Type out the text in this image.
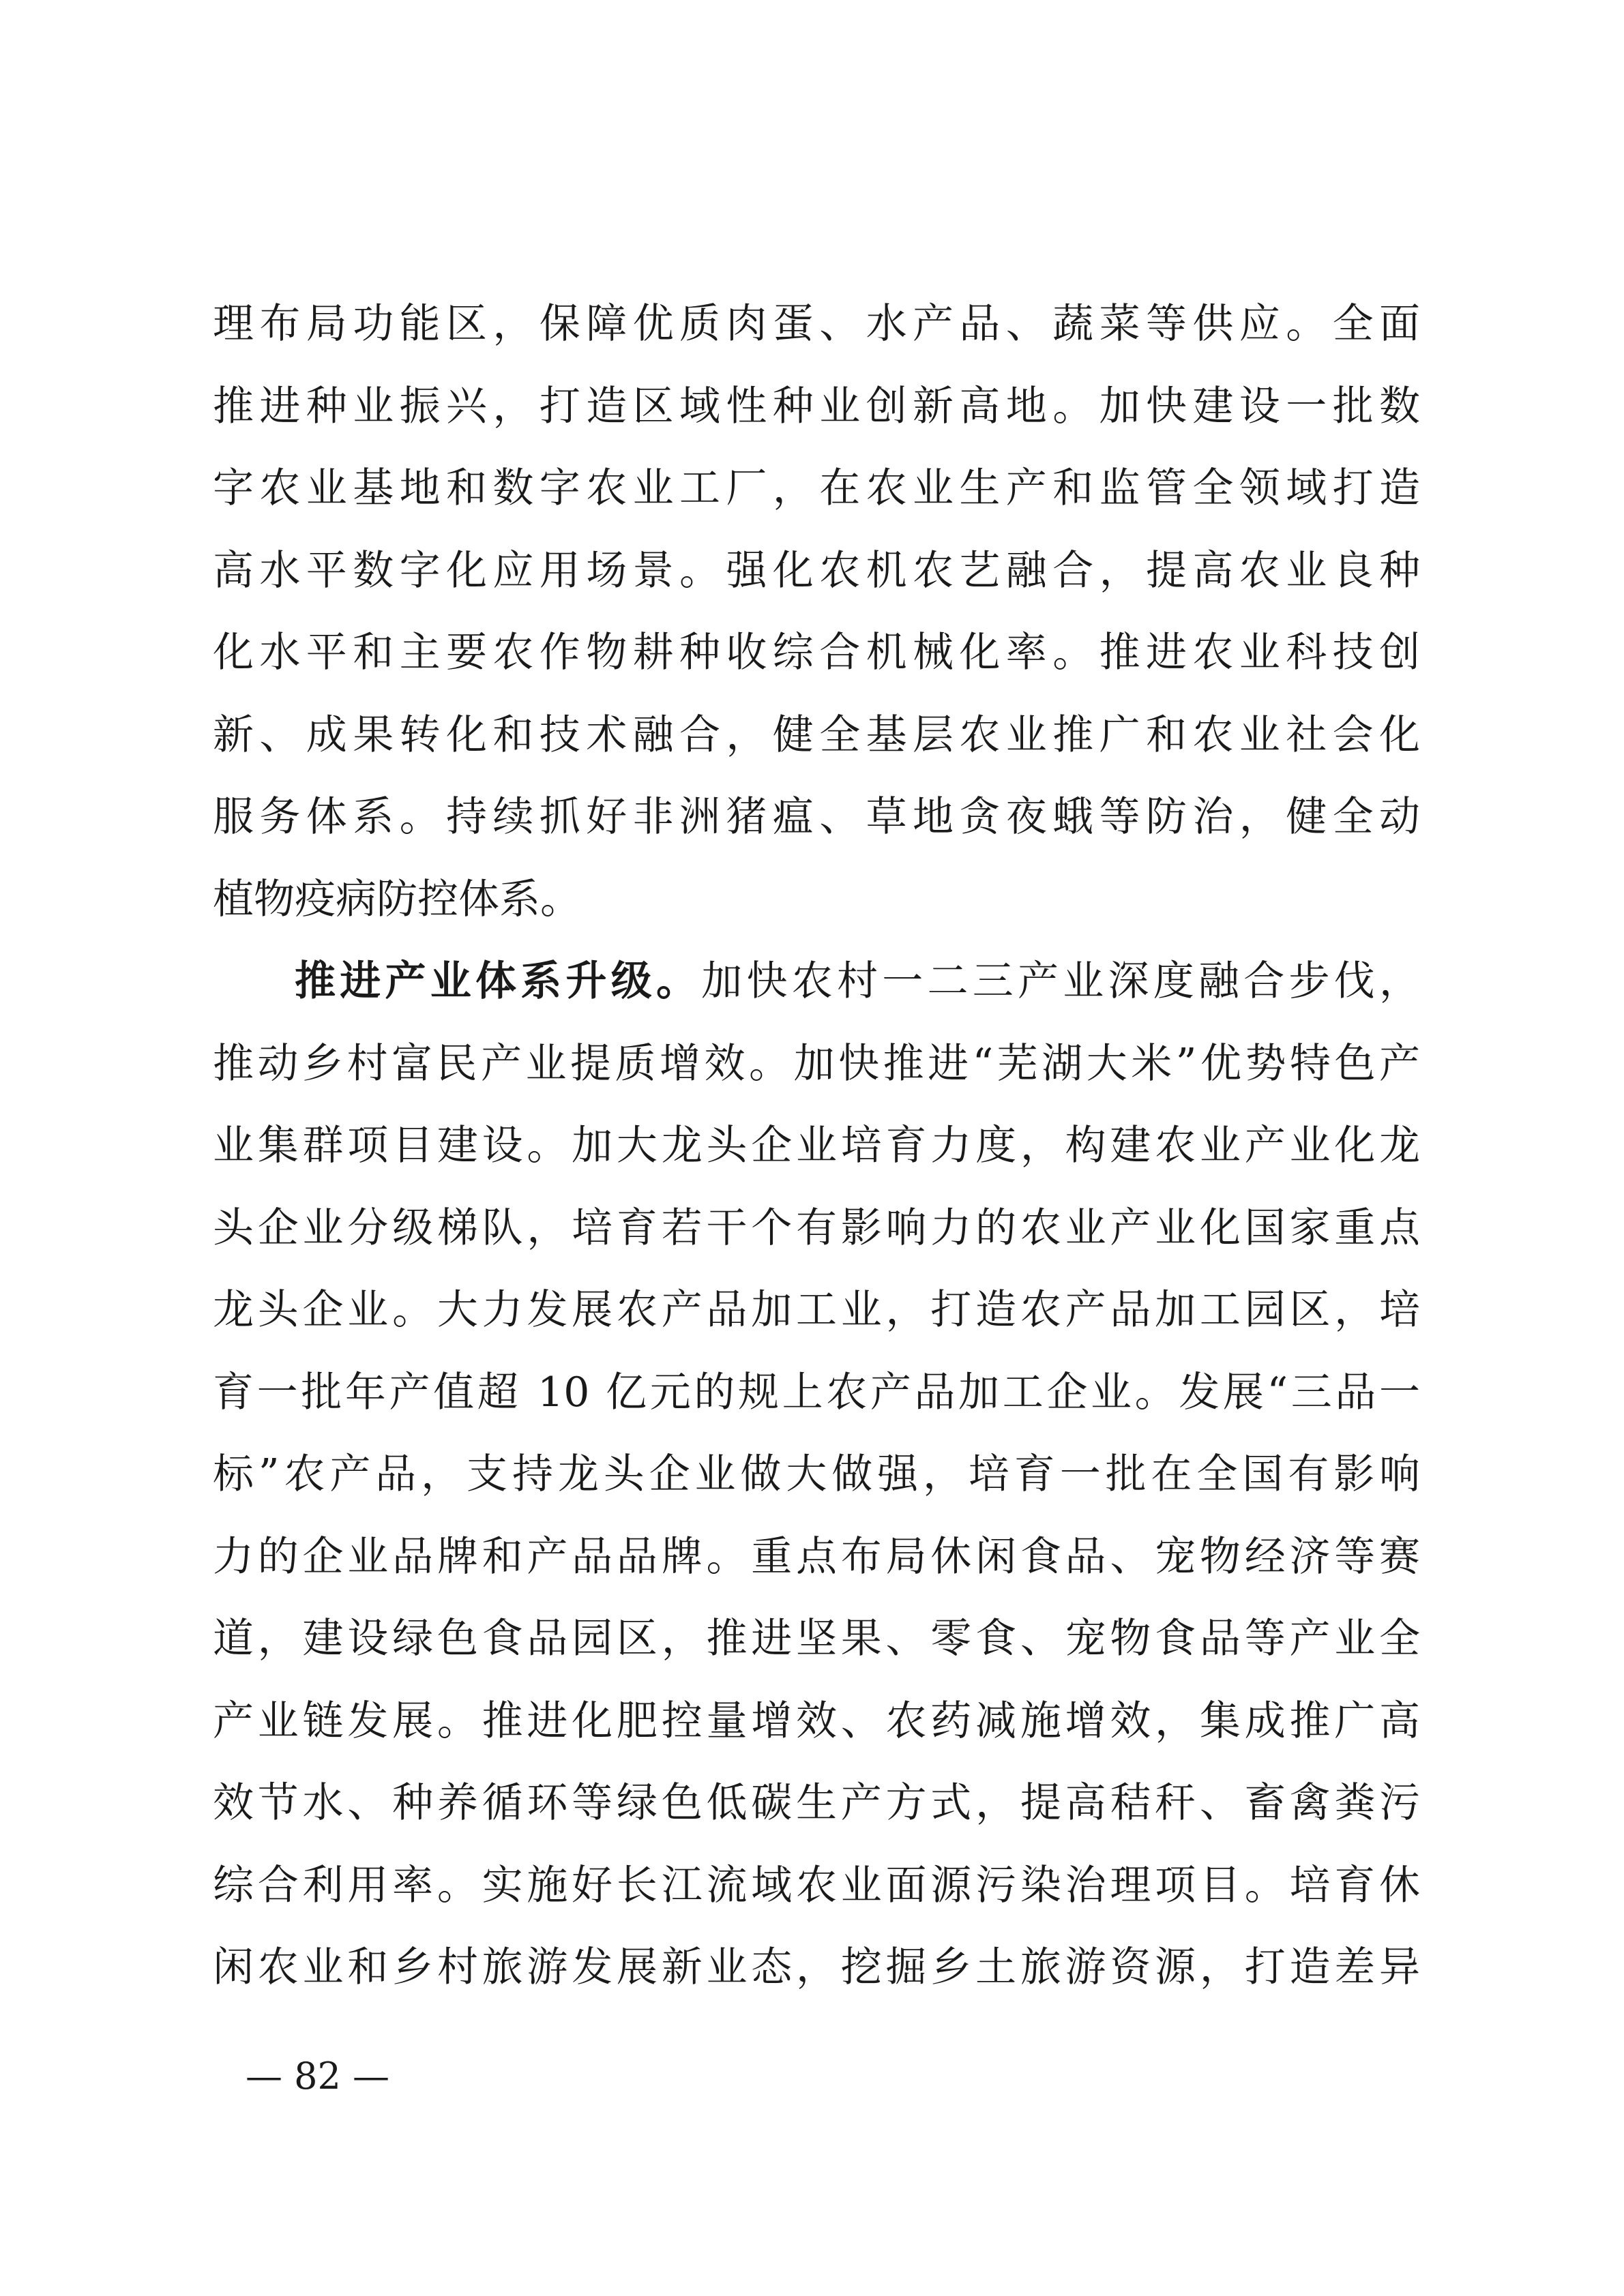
理布局功能区，保障优质肉蛋、水产品、蔬菜等供应。全面
推进种业振兴，打造区域性种业创新高地。加快建设一批数
字农业基地和数字农业工厂，在农业生产和监管全领域打造
高水平数字化应用场景。强化农机农艺融合，提高农业良种
化水平和主要农作物耕种收综合机械化率。推进农业科技创
新、成果转化和技术融合，健全基层农业推广和农业社会化
服务体系。持续抓好非洲猪瘟、草地贪夜蛾等防治，健全动
植物疫病防控体系。
推进产业体系升级。加快农村一二三产业深度融合步伐，
推动乡村富民产业提质增效。加快推进“芜湖大米”优势特色产
业集群项目建设。加大龙头企业培育力度，构建农业产业化龙
头企业分级梯队，培育若干个有影响力的农业产业化国家重点
龙头企业。大力发展农产品加工业，打造农产品加工园区，培
育一批年产值超 10 亿元的规上农产品加工企业。发展“三品一
标”农产品，支持龙头企业做大做强，培育一批在全国有影响
力的企业品牌和产品品牌。重点布局休闲食品、宠物经济等赛
道，建设绿色食品园区，推进坚果、零食、宠物食品等产业全
产业链发展。推进化肥控量增效、农药减施增效，集成推广高
效节水、种养循环等绿色低碳生产方式，提高秸秆、畜禽粪污
综合利用率。实施好长江流域农业面源污染治理项目。培育休
闲农业和乡村旅游发展新业态，挖掘乡土旅游资源，打造差异
— 82 —
